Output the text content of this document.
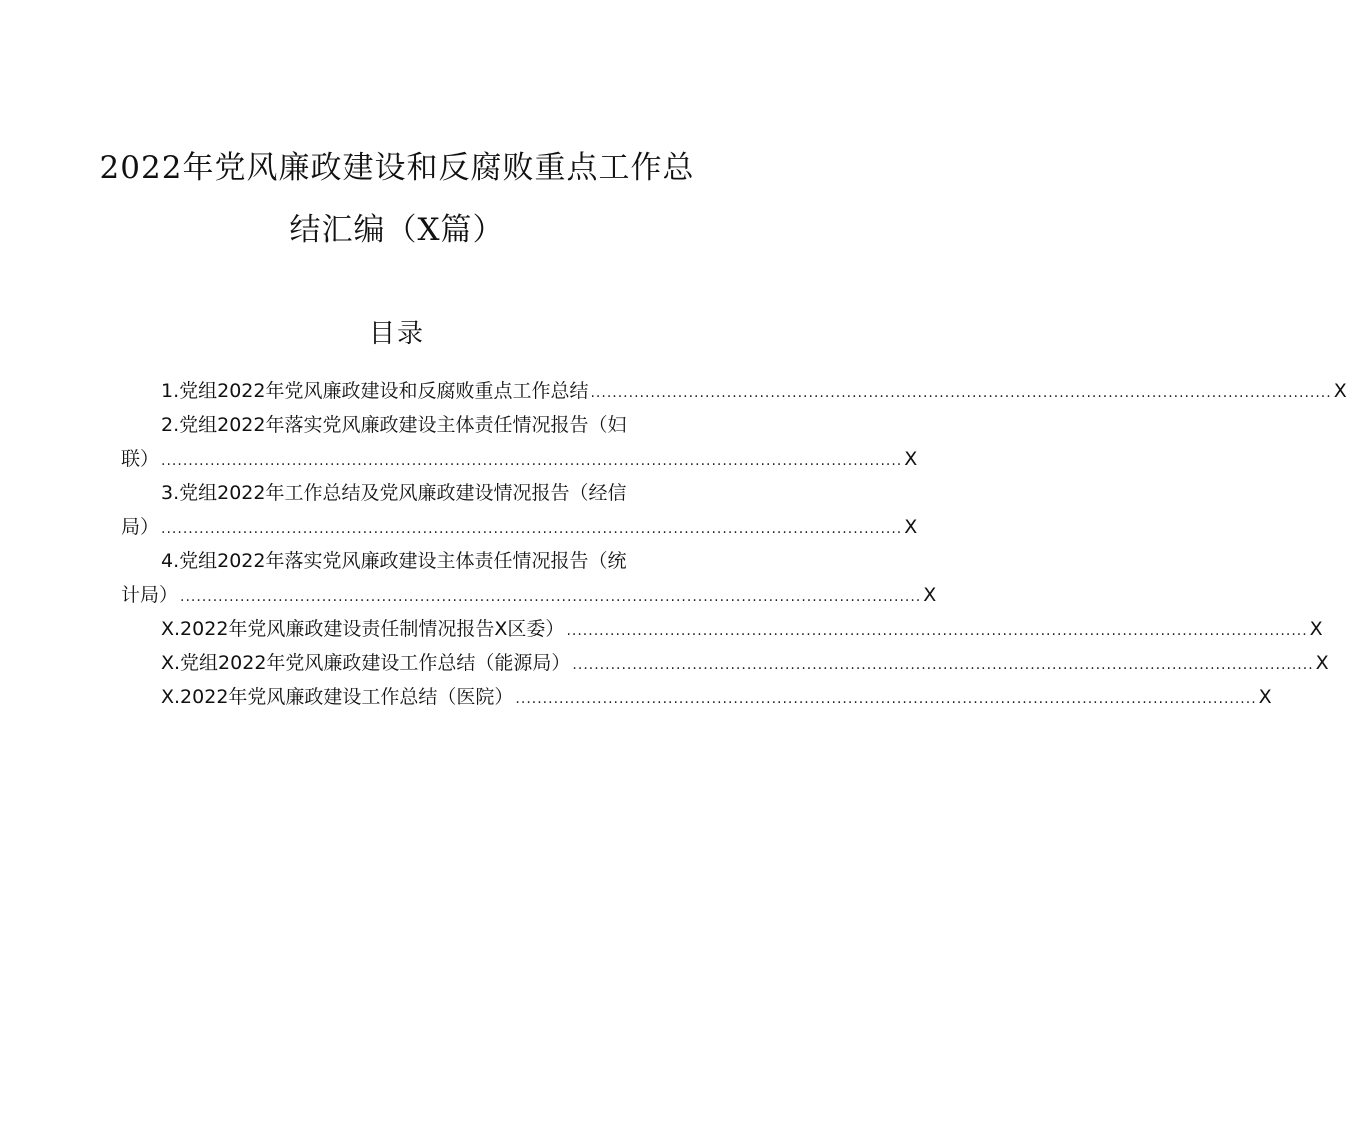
2022年党风廉政建设和反腐败重点工作总
结汇编（X篇）
目录
1.党组2022年党风廉政建设和反腐败重点工作总结 ........................................................................................................................................ X
2.党组2022年落实党风廉政建设主体责任情况报告（妇
联） ........................................................................................................................................ X
3.党组2022年工作总结及党风廉政建设情况报告（经信
局） ........................................................................................................................................ X
4.党组2022年落实党风廉政建设主体责任情况报告（统
计局） ........................................................................................................................................ X
X.2022年党风廉政建设责任制情况报告X区委） ........................................................................................................................................ X
X.党组2022年党风廉政建设工作总结（能源局） ........................................................................................................................................ X
X.2022年党风廉政建设工作总结（医院） ........................................................................................................................................ X
